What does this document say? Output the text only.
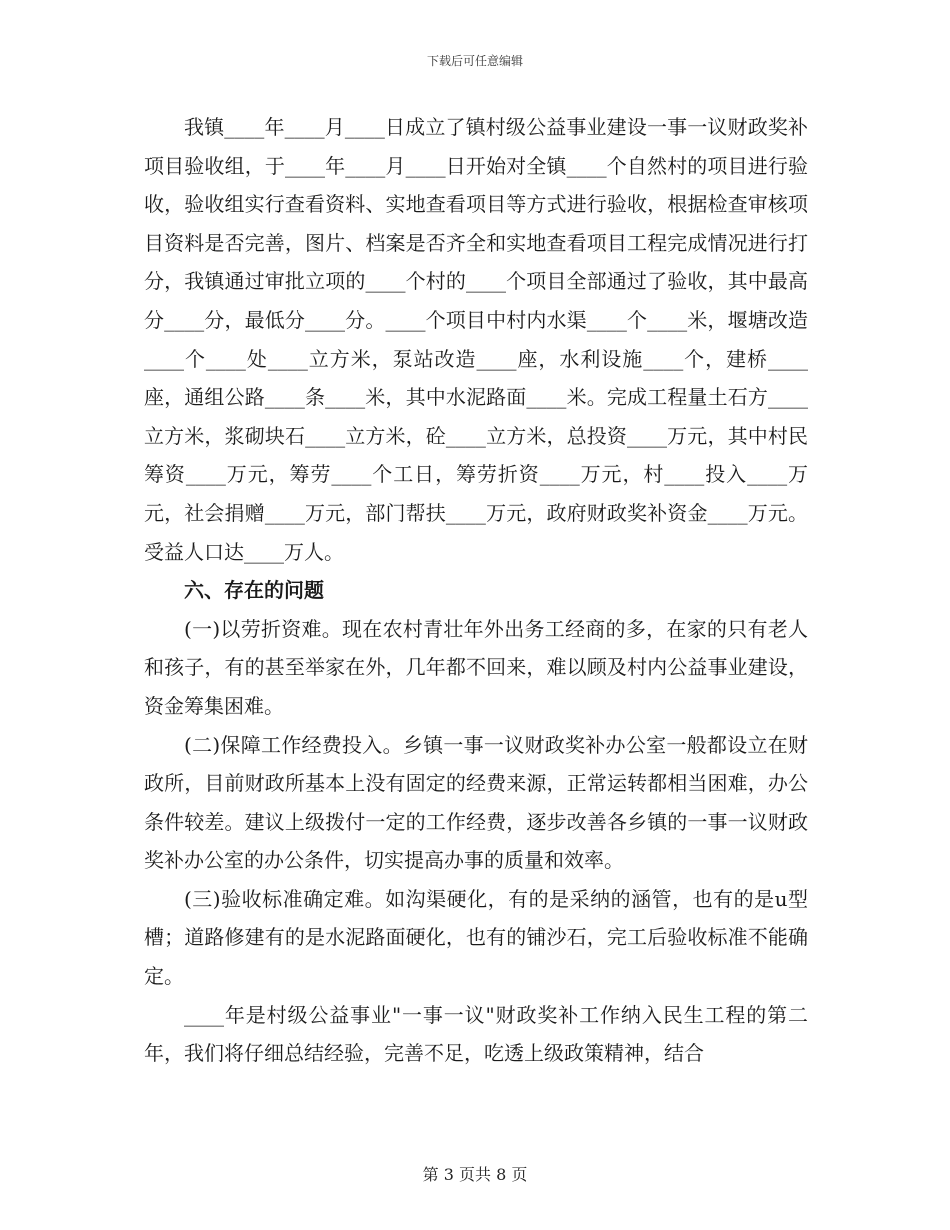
下载后可任意编辑

我镇____年____月____日成立了镇村级公益事业建设一事一议财政奖补项目验收组，于____年____月____日开始对全镇____个自然村的项目进行验收，验收组实行查看资料、实地查看项目等方式进行验收，根据检查审核项目资料是否完善，图片、档案是否齐全和实地查看项目工程完成情况进行打分，我镇通过审批立项的____个村的____个项目全部通过了验收，其中最高分____分，最低分____分。____个项目中村内水渠____个____米，堰塘改造____个____处____立方米，泵站改造____座，水利设施____个，建桥____座，通组公路____条____米，其中水泥路面____米。完成工程量土石方____立方米，浆砌块石____立方米，砼____立方米，总投资____万元，其中村民筹资____万元，筹劳____个工日，筹劳折资____万元，村____投入____万元，社会捐赠____万元，部门帮扶____万元，政府财政奖补资金____万元。受益人口达____万人。

六、存在的问题

(一)以劳折资难。现在农村青壮年外出务工经商的多，在家的只有老人和孩子，有的甚至举家在外，几年都不回来，难以顾及村内公益事业建设，资金筹集困难。

(二)保障工作经费投入。乡镇一事一议财政奖补办公室一般都设立在财政所，目前财政所基本上没有固定的经费来源，正常运转都相当困难，办公条件较差。建议上级拨付一定的工作经费，逐步改善各乡镇的一事一议财政奖补办公室的办公条件，切实提高办事的质量和效率。

(三)验收标准确定难。如沟渠硬化，有的是采纳的涵管，也有的是u型槽；道路修建有的是水泥路面硬化，也有的铺沙石，完工后验收标准不能确定。

____年是村级公益事业"一事一议"财政奖补工作纳入民生工程的第二年，我们将仔细总结经验，完善不足，吃透上级政策精神，结合

第 3 页共 8 页
